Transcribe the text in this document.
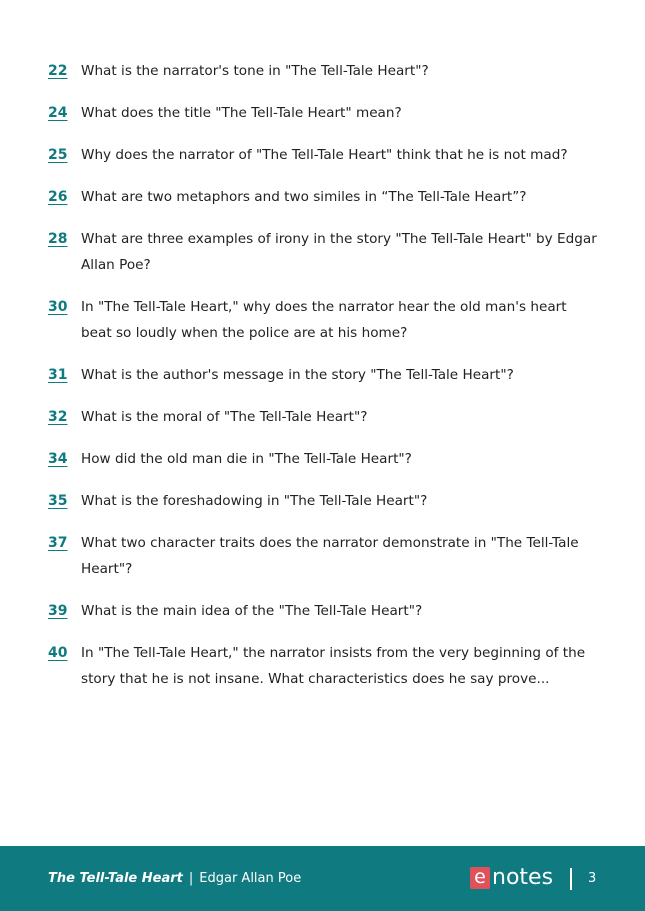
22 What is the narrator's tone in "The Tell-Tale Heart"?
24 What does the title "The Tell-Tale Heart" mean?
25 Why does the narrator of "The Tell-Tale Heart" think that he is not mad?
26 What are two metaphors and two similes in “The Tell-Tale Heart”?
28 What are three examples of irony in the story "The Tell-Tale Heart" by Edgar Allan Poe?
30 In "The Tell-Tale Heart," why does the narrator hear the old man's heart beat so loudly when the police are at his home?
31 What is the author's message in the story "The Tell-Tale Heart"?
32 What is the moral of "The Tell-Tale Heart"?
34 How did the old man die in "The Tell-Tale Heart"?
35 What is the foreshadowing in "The Tell-Tale Heart"?
37 What two character traits does the narrator demonstrate in "The Tell-Tale Heart"?
39 What is the main idea of the "The Tell-Tale Heart"?
40 In "The Tell-Tale Heart," the narrator insists from the very beginning of the story that he is not insane. What characteristics does he say prove...
The Tell-Tale Heart | Edgar Allan Poe	e notes	3
